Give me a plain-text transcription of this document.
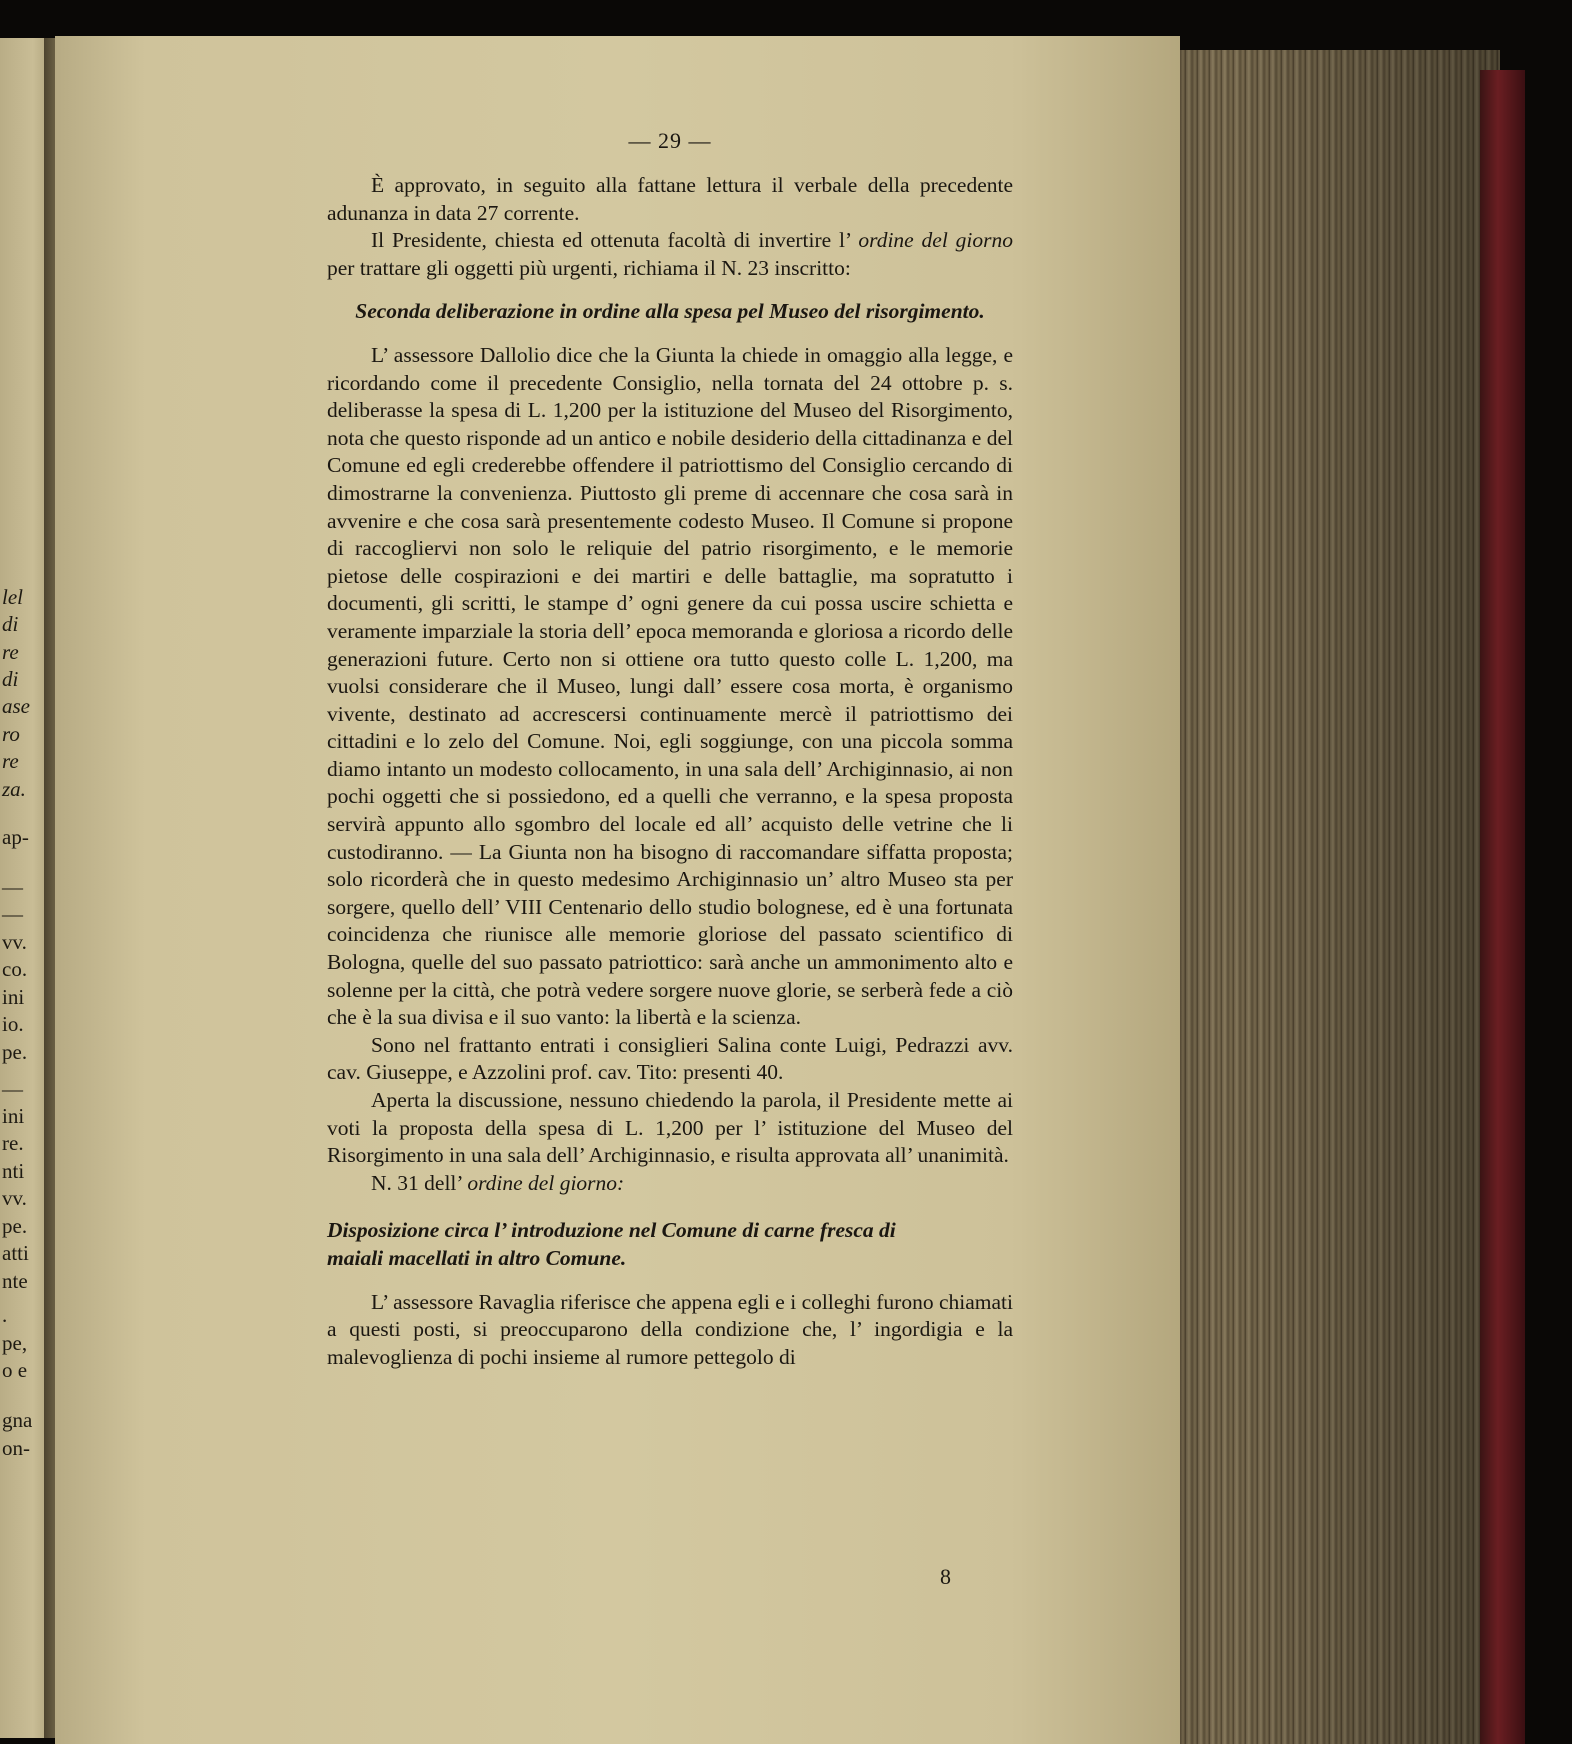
lel
di
re
di
ase
ro
re
za.
ap-
—
—
vv.
co.
ini
io.
pe.
—
ini
re.
nti
vv.
pe.
atti
nte
.
pe,
o e
gna
on-
— 29 —

È approvato, in seguito alla fattane lettura il verbale della precedente adunanza in data 27 corrente.

Il Presidente, chiesta ed ottenuta facoltà di invertire l’ ordine del giorno per trattare gli oggetti più urgenti, richiama il N. 23 inscritto:

Seconda deliberazione in ordine alla spesa pel Museo del risorgimento.

L’ assessore Dallolio dice che la Giunta la chiede in omaggio alla legge, e ricordando come il precedente Consiglio, nella tornata del 24 ottobre p. s. deliberasse la spesa di L. 1,200 per la istituzione del Museo del Risorgimento, nota che questo risponde ad un antico e nobile desiderio della cittadinanza e del Comune ed egli crederebbe offendere il patriottismo del Consiglio cercando di dimostrarne la convenienza. Piuttosto gli preme di accennare che cosa sarà in avvenire e che cosa sarà presentemente codesto Museo. Il Comune si propone di raccogliervi non solo le reliquie del patrio risorgimento, e le memorie pietose delle cospirazioni e dei martiri e delle battaglie, ma sopratutto i documenti, gli scritti, le stampe d’ ogni genere da cui possa uscire schietta e veramente imparziale la storia dell’ epoca memoranda e gloriosa a ricordo delle generazioni future. Certo non si ottiene ora tutto questo colle L. 1,200, ma vuolsi considerare che il Museo, lungi dall’ essere cosa morta, è organismo vivente, destinato ad accrescersi continuamente mercè il patriottismo dei cittadini e lo zelo del Comune. Noi, egli soggiunge, con una piccola somma diamo intanto un modesto collocamento, in una sala dell’ Archiginnasio, ai non pochi oggetti che si possiedono, ed a quelli che verranno, e la spesa proposta servirà appunto allo sgombro del locale ed all’ acquisto delle vetrine che li custodiranno. — La Giunta non ha bisogno di raccomandare siffatta proposta; solo ricorderà che in questo medesimo Archiginnasio un’ altro Museo sta per sorgere, quello dell’ VIII Centenario dello studio bolognese, ed è una fortunata coincidenza che riunisce alle memorie gloriose del passato scientifico di Bologna, quelle del suo passato patriottico: sarà anche un ammonimento alto e solenne per la città, che potrà vedere sorgere nuove glorie, se serberà fede a ciò che è la sua divisa e il suo vanto: la libertà e la scienza.

Sono nel frattanto entrati i consiglieri Salina conte Luigi, Pedrazzi avv. cav. Giuseppe, e Azzolini prof. cav. Tito: presenti 40.

Aperta la discussione, nessuno chiedendo la parola, il Presidente mette ai voti la proposta della spesa di L. 1,200 per l’ istituzione del Museo del Risorgimento in una sala dell’ Archiginnasio, e risulta approvata all’ unanimità.

N. 31 dell’ ordine del giorno:

Disposizione circa l’ introduzione nel Comune di carne fresca di
maiali macellati in altro Comune.

L’ assessore Ravaglia riferisce che appena egli e i colleghi furono chiamati a questi posti, si preoccuparono della condizione che, l’ ingordigia e la malevoglienza di pochi insieme al rumore pettegolo di

8
